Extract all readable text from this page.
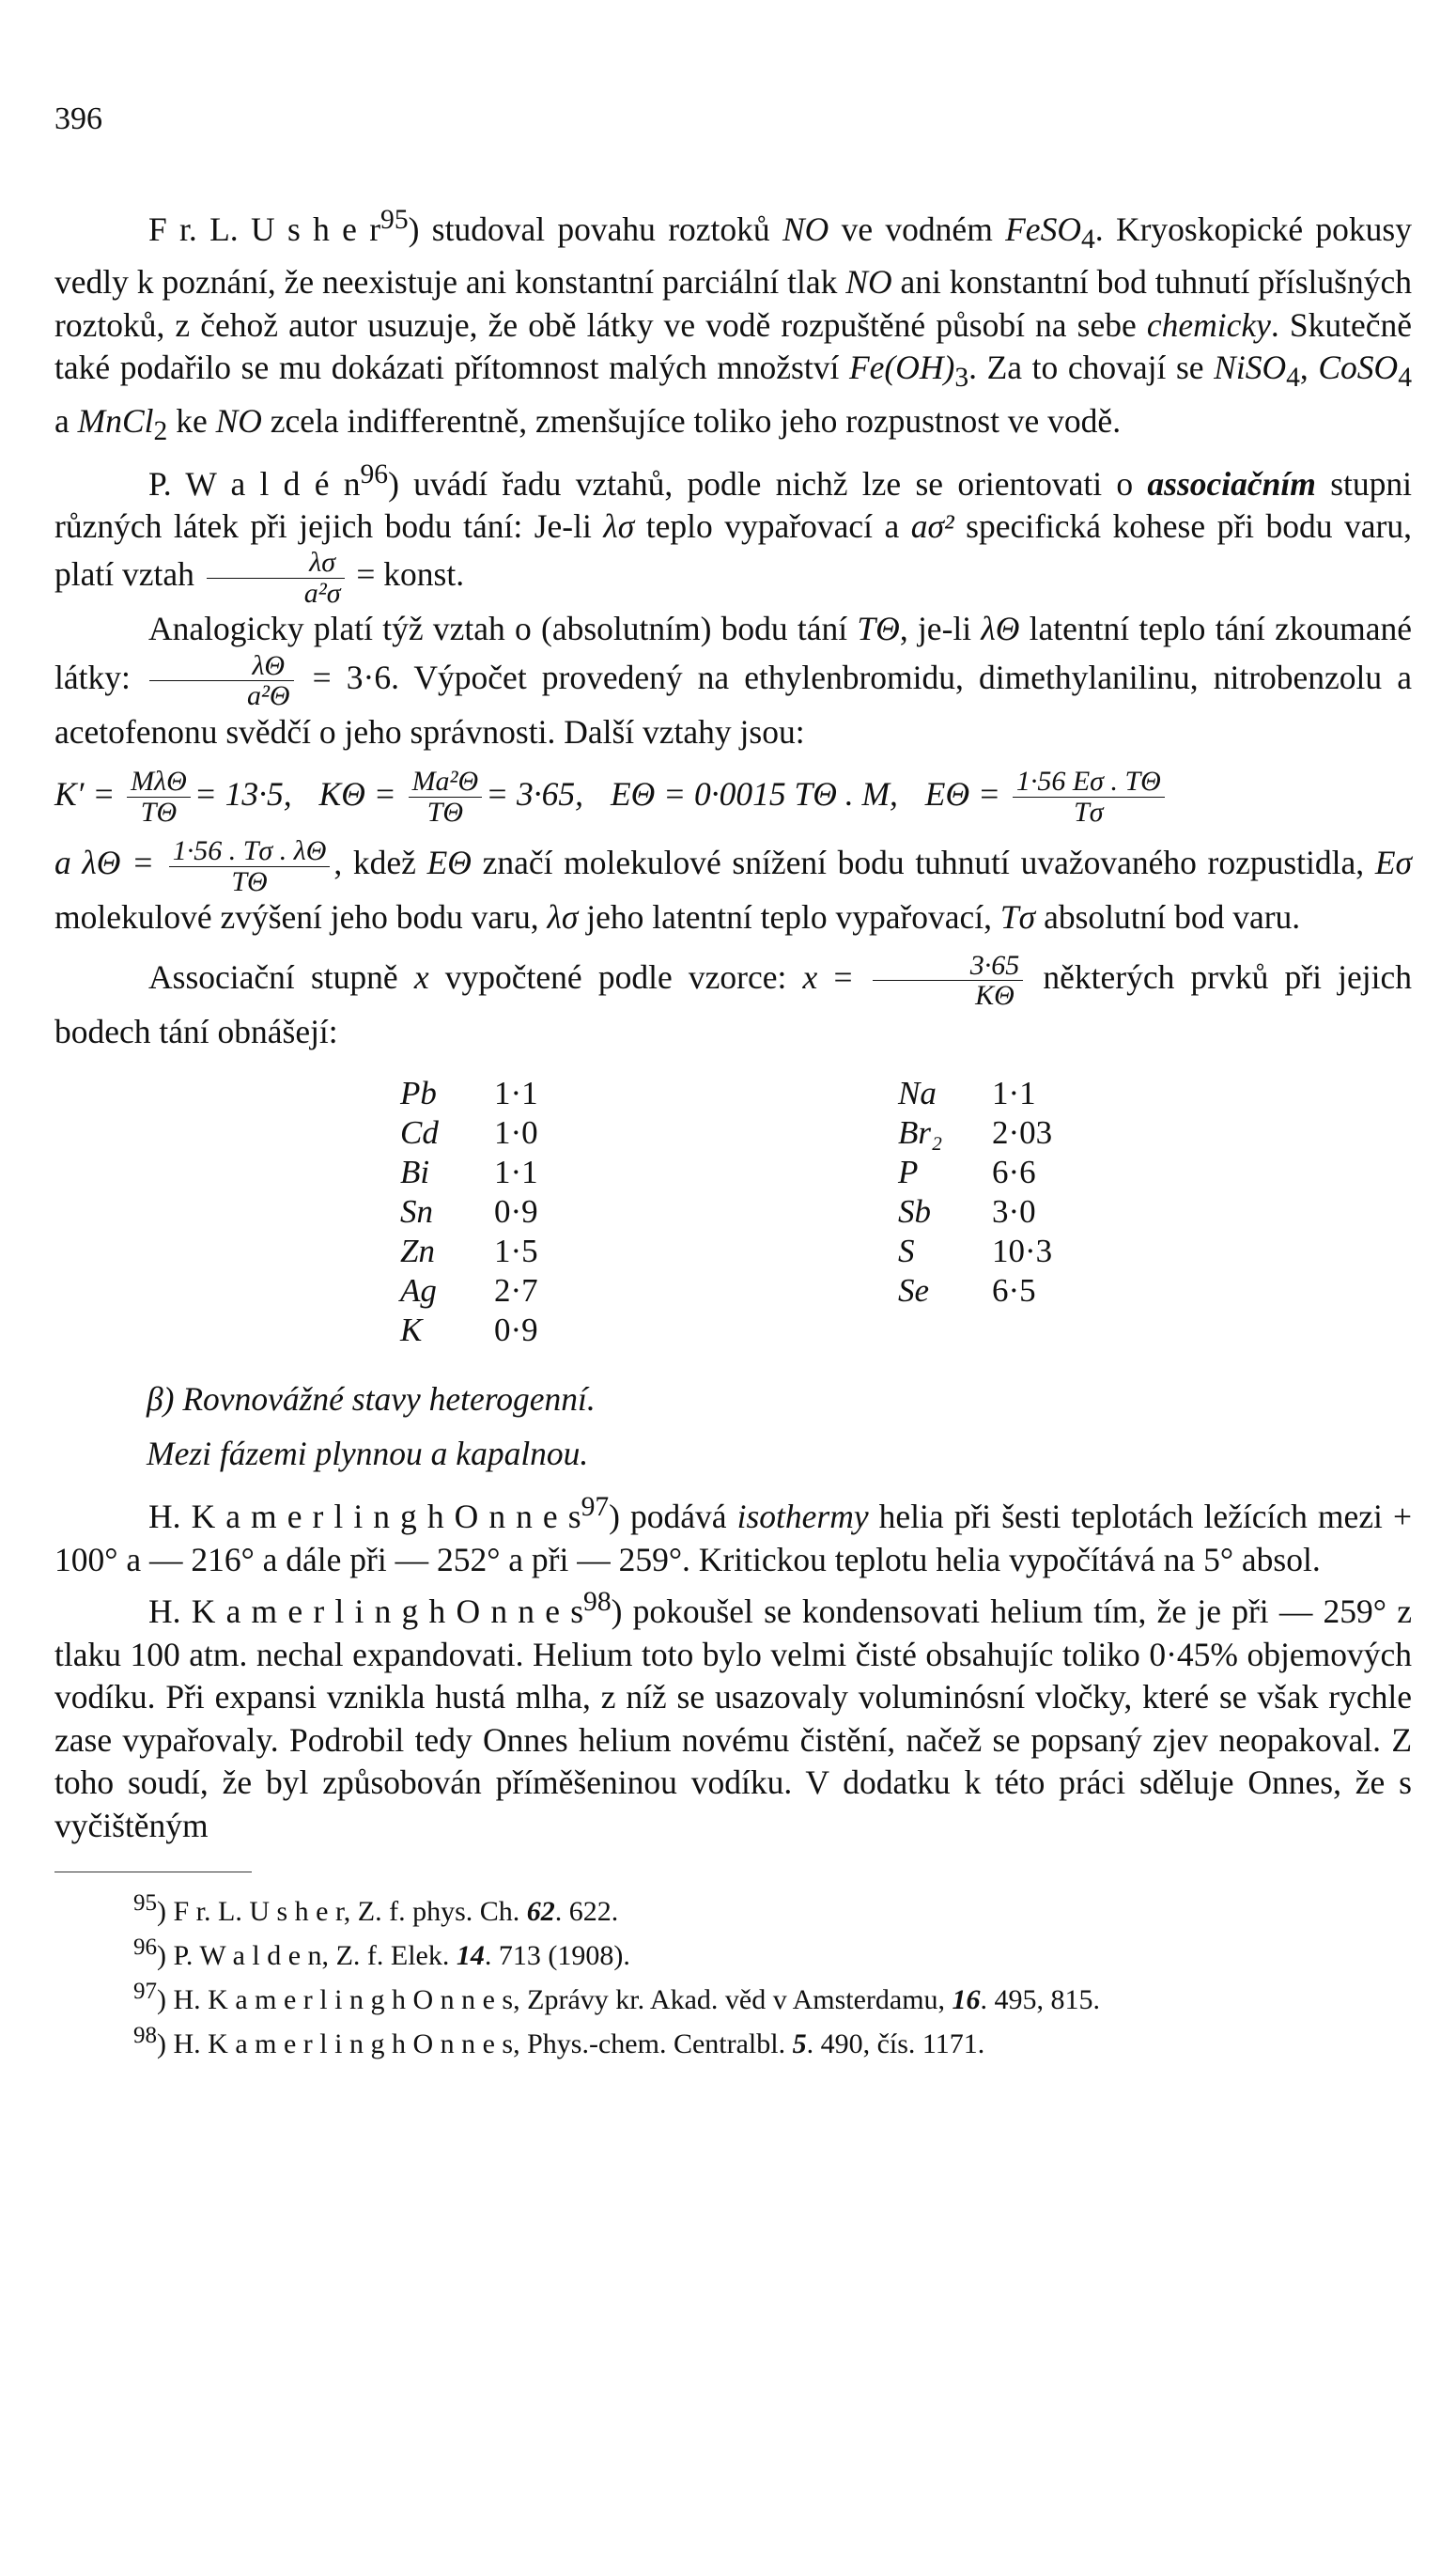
396

F r. L. U s h e $r^{95}$) studoval povahu roztoků NO ve vodném FeSO$_4$. Kryoskopické pokusy vedly k poznání, že neexistuje ani konstantní parciální tlak NO ani konstantní bod tuhnutí příslušných roztoků, z čehož autor usuzuje, že obě látky ve vodě rozpuštěné působí na sebe chemicky. Skutečně také podařilo se mu dokázati přítomnost malých množství $Fe(OH)_3$. Za to chovají se NiSO$_4$, CoSO$_4$ a MnCl$_2$ ke NO zcela indifferentně, zmenšujíce toliko jeho rozpustnost ve vodě.

P. W a l d é $n^{96}$) uvádí řadu vztahů, podle nichž lze se orientovati o associačním stupni různých látek při jejich bodu tání: Je-li λσ teplo vypařovací a aσ² specifická kohese při bodu varu, platí vztah $\frac{\lambda\sigma}{\text{a²σ}}$ = konst.

Analogicky platí týž vztah o (absolutním) bodu tání TΘ, je-li λΘ latentní teplo tání zkoumané látky: $\frac{\lambda\Theta}{\text{a²Θ}} = 3\cdot 6$. Výpočet provedený na ethylenbromidu, dimethylanilinu, nitrobenzolu a acetofenonu svědčí o jeho správnosti. Další vztahy jsou:

$K' = \frac{\text{MλΘ}}{T\Theta} = 13\cdot 5$, $K\Theta = \frac{\text{Ma²Θ}}{T\Theta} = 3\cdot 65$, EΘ = 0·0015 TΘ . M, $E\Theta = \frac{1\cdot 56 E\sigma . T\Theta}{T\sigma}$

a $\lambda\Theta = \frac{1\cdot 56 . T\sigma . \lambda\Theta}{T\Theta}$ , kdež EΘ značí molekulové snížení bodu tuhnutí uvažovaného rozpustidla, Eσ molekulové zvýšení jeho bodu varu, λσ jeho latentní teplo vypařovací, Tσ absolutní bod varu.

Associační stupně x vypočtené podle vzorce: $x = \frac{3\cdot 65}{K\Theta}$ některých prvků při jejich bodech tání obnášejí:

Pb	1·1
Cd	1·0
Bi	1·1
Sn	0·9
Zn	1·5
Ag	2·7
K	0·9
Na	1·1
Br₂	2·03
P	6·6
Sb	3·0
S	10·3
Se	6·5
β) Rovnovážné stavy heterogenní.
Mezi fázemi plynnou a kapalnou.

H. K a m e r l i n g h O n n e $s^{97}$) podává isothermy helia při šesti teplotách ležících mezi + 100° a — 216° a dále při — 252° a při — 259°. Kritickou teplotu helia vypočítává na 5° absol.

H. K a m e r l i n g h O n n e $s^{98}$) pokoušel se kondensovati helium tím, že je při — 259° z tlaku 100 atm. nechal expandovati. Helium toto bylo velmi čisté obsahujíc toliko 0·45% objemových vodíku. Při expansi vznikla hustá mlha, z níž se usazovaly voluminósní vločky, které se však rychle zase vypařovaly. Podrobil tedy Onnes helium novému čistění, načež se popsaný zjev neopakoval. Z toho soudí, že byl způsobován příměšeninou vodíku. V dodatku k této práci sděluje Onnes, že s vyčištěným

$^{95}$) F r. L. U s h e r, Z. f. phys. Ch. 62. 622.

$^{96}$) P. W a l d e n, Z. f. Elek. 14. 713 (1908).

$^{97}$) H. K a m e r l i n g h O n n e s, Zprávy kr. Akad. věd v Amsterdamu, 16. 495, 815.

$^{98}$) H. K a m e r l i n g h O n n e s, Phys.-chem. Centralbl. 5. 490, čís. 1171.
